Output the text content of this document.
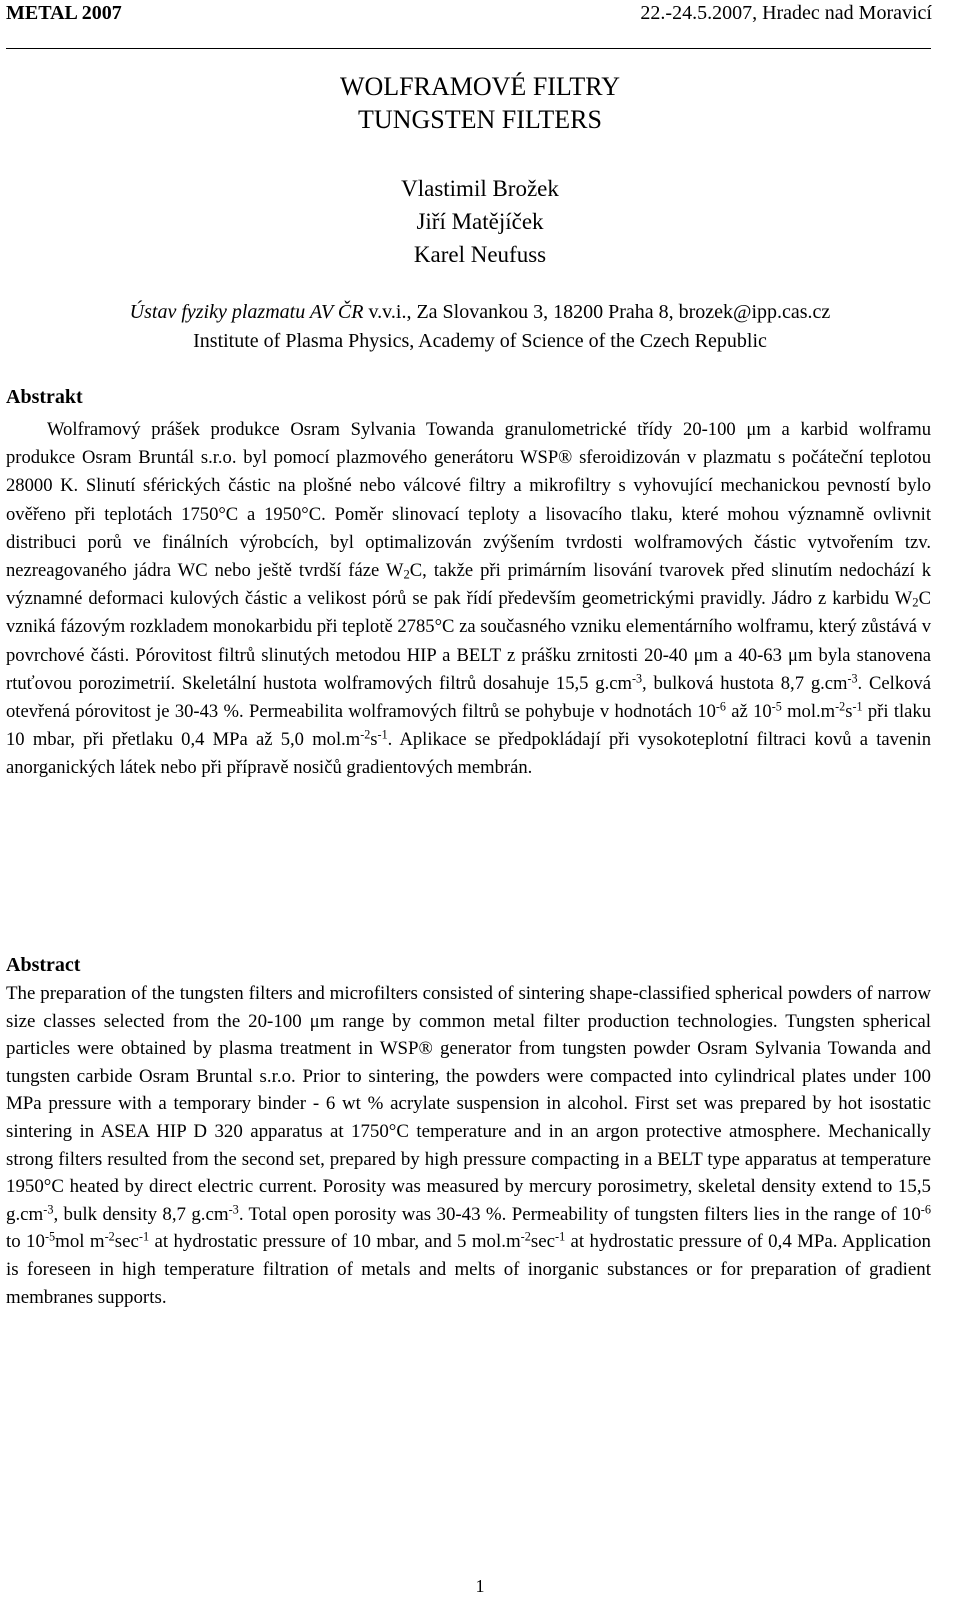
METAL 2007	22.-24.5.2007, Hradec nad Moravicí
WOLFRAMOVÉ FILTRY
TUNGSTEN FILTERS
Vlastimil Brožek
Jiří Matějíček
Karel Neufuss
Ústav fyziky plazmatu AV ČR v.v.i., Za Slovankou 3, 18200 Praha 8, brozek@ipp.cas.cz
Institute of Plasma Physics, Academy of Science of the Czech Republic
Abstrakt

Wolframový prášek produkce Osram Sylvania Towanda granulometrické třídy 20-100 μm a karbid wolframu produkce Osram Bruntál s.r.o. byl pomocí plazmového generátoru WSP® sferoidizován v plazmatu s počáteční teplotou 28000 K. Slinutí sférických částic na plošné nebo válcové filtry a mikrofiltry s vyhovující mechanickou pevností bylo ověřeno při teplotách 1750°C a 1950°C. Poměr slinovací teploty a lisovacího tlaku, které mohou významně ovlivnit distribuci porů ve finálních výrobcích, byl optimalizován zvýšením tvrdosti wolframových částic vytvořením tzv. nezreagovaného jádra WC nebo ještě tvrdší fáze $W_2C$, takže při primárním lisování tvarovek před slinutím nedochází k významné deformaci kulových částic a velikost pórů se pak řídí především geometrickými pravidly. Jádro z karbidu $W_2C$ vzniká fázovým rozkladem monokarbidu při teplotě 2785°C za současného vzniku elementárního wolframu, který zůstává v povrchové části. Pórovitost filtrů slinutých metodou HIP a BELT z prášku zrnitosti 20-40 μm a 40-63 μm byla stanovena rtuťovou porozimetrií. Skeletální hustota wolframových filtrů dosahuje 15,5 $g.cm^{-3}$, bulková hustota 8,7 $g.cm^{-3}$. Celková otevřená pórovitost je 30-43 %. Permeabilita wolframových filtrů se pohybuje v hodnotách $10^{-6}$ až $10^{-5}$ $mol.m^{-2}s^{-1}$ při tlaku 10 mbar, při přetlaku 0,4 MPa až 5,0 $mol.m^{-2}s^{-1}$. Aplikace se předpokládají při vysokoteplotní filtraci kovů a tavenin anorganických látek nebo při přípravě nosičů gradientových membrán.

Abstract

The preparation of the tungsten filters and microfilters consisted of sintering shape-classified spherical powders of narrow size classes selected from the 20-100 μm range by common metal filter production technologies. Tungsten spherical particles were obtained by plasma treatment in WSP® generator from tungsten powder Osram Sylvania Towanda and tungsten carbide Osram Bruntal s.r.o. Prior to sintering, the powders were compacted into cylindrical plates under 100 MPa pressure with a temporary binder - 6 wt % acrylate suspension in alcohol. First set was prepared by hot isostatic sintering in ASEA HIP D 320 apparatus at 1750°C temperature and in an argon protective atmosphere. Mechanically strong filters resulted from the second set, prepared by high pressure compacting in a BELT type apparatus at temperature 1950°C heated by direct electric current. Porosity was measured by mercury porosimetry, skeletal density extend to 15,5 $g.cm^{-3}$, bulk density 8,7 $g.cm^{-3}$. Total open porosity was 30-43 %. Permeability of tungsten filters lies in the range of $10^{-6}$ to $10^{-5}mol$ $m^{-2}\sec^{-1}$ at hydrostatic pressure of 10 mbar, and 5 $mol.m^{-2}\sec^{-1}$ at hydrostatic pressure of 0,4 MPa. Application is foreseen in high temperature filtration of metals and melts of inorganic substances or for preparation of gradient membranes supports.

1
